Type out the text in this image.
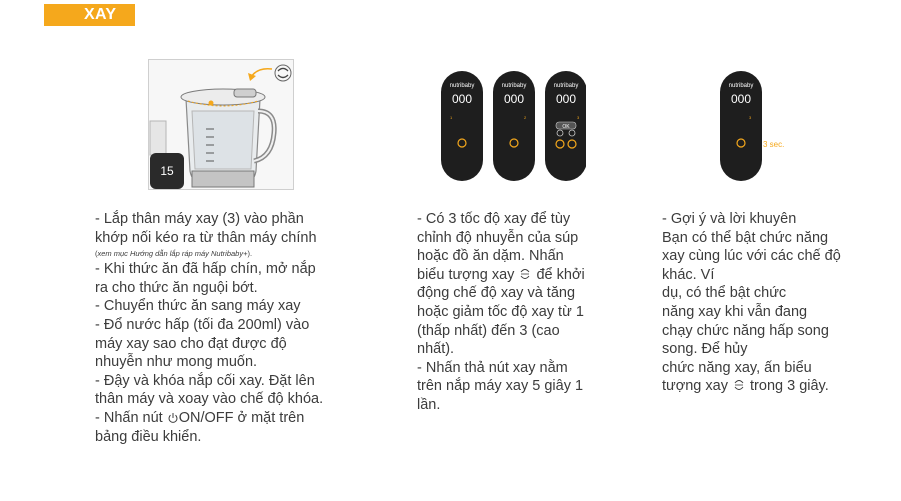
XAY
15
nutribaby
000
1
nutribaby
000
2
nutribaby
000
3
OK
nutribaby
000
3
3 sec.

- Lắp thân máy xay (3) vào phần

khớp nối kéo ra từ thân máy chính

(xem mục Hướng dẫn lắp ráp máy Nutribaby+).

- Khi thức ăn đã hấp chín, mở nắp

ra cho thức ăn nguội bớt.

- Chuyển thức ăn sang máy xay

- Đổ nước hấp (tối đa 200ml) vào

máy xay sao cho đạt được độ

nhuyễn như mong muốn.

- Đậy và khóa nắp cối xay. Đặt lên

thân máy và xoay vào chế độ khóa.

- Nhấn nút ON/OFF ở mặt trên

bảng điều khiển.

- Có 3 tốc độ xay để tùy

chỉnh độ nhuyễn của súp

hoặc đồ ăn dặm. Nhấn

biểu tượng xay để khởi

động chế độ xay và tăng

hoặc giảm tốc độ xay từ 1

(thấp nhất) đến 3 (cao

nhất).

- Nhấn thả nút xay nằm

trên nắp máy xay 5 giây 1

lần.

- Gợi ý và lời khuyên

Bạn có thể bật chức năng

xay cùng lúc với các chế độ

khác. Ví

dụ, có thể bật chức

năng xay khi vẫn đang

chạy chức năng hấp song

song. Để hủy

chức năng xay, ấn biểu

tượng xay trong 3 giây.
